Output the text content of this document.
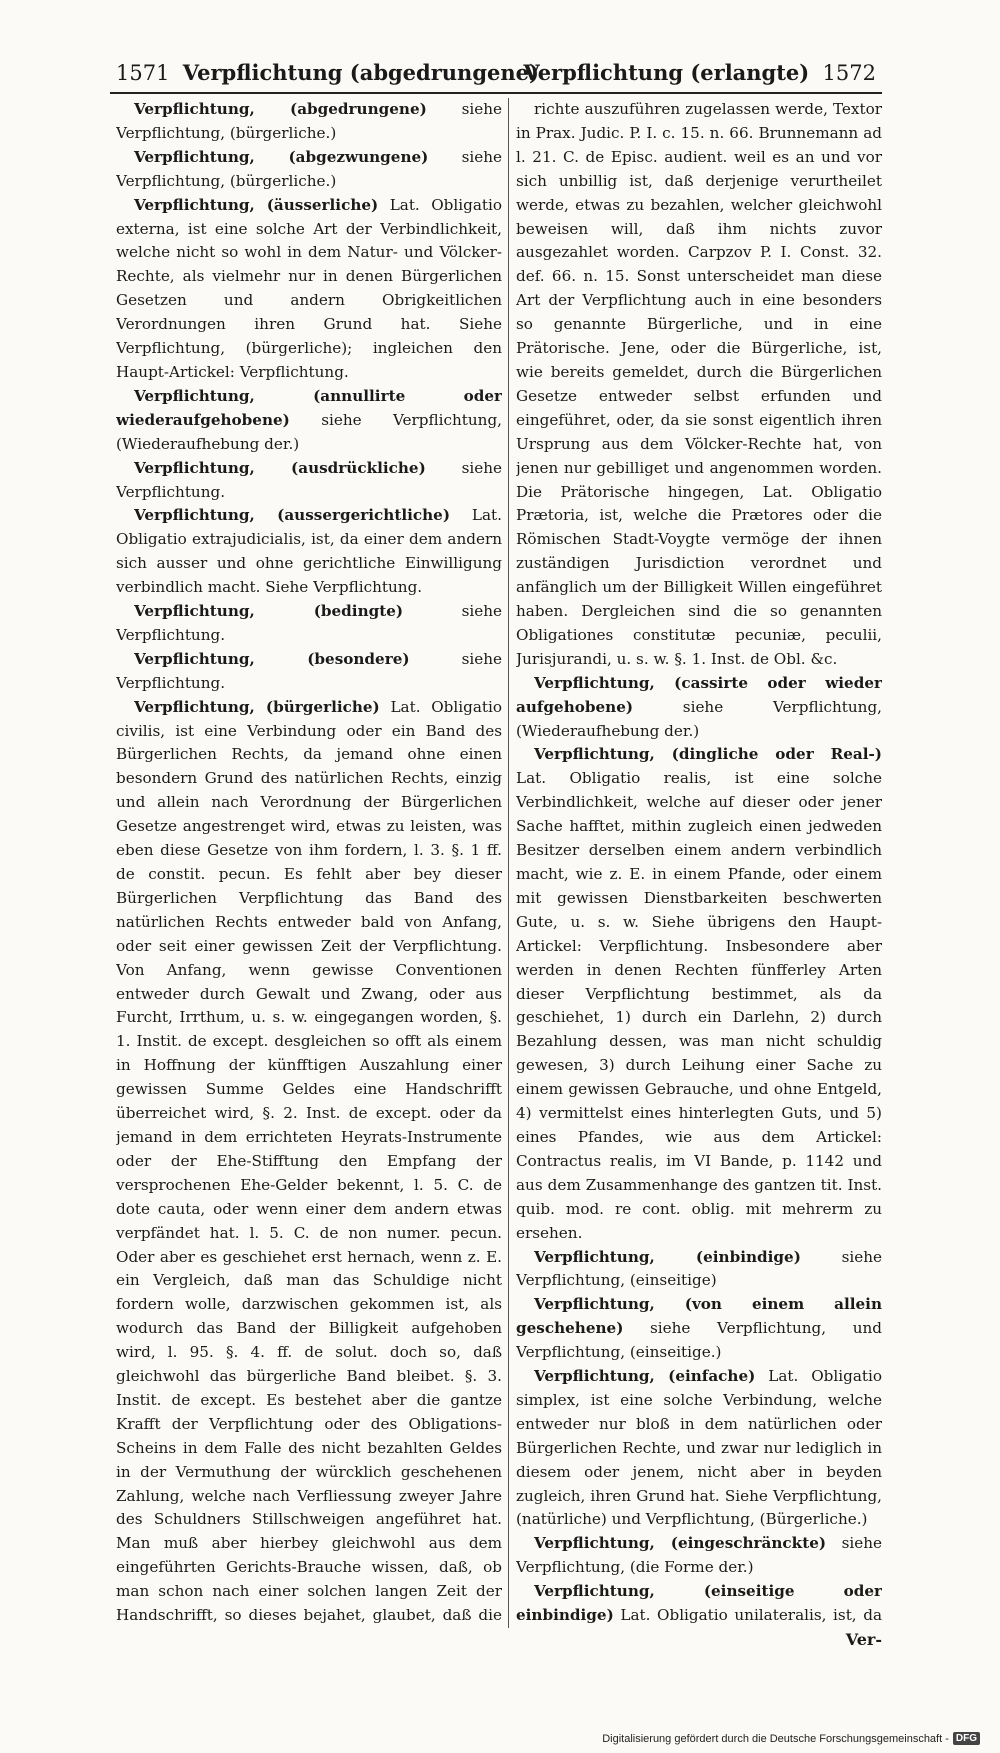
1571 Verpflichtung (abgedrungene)
Verpflichtung (erlangte) 1572

Verpflichtung, (abgedrungene) siehe Verpflichtung, (bürgerliche.)

Verpflichtung, (abgezwungene) siehe Verpflichtung, (bürgerliche.)

Verpflichtung, (äusserliche) Lat. Obligatio externa, ist eine solche Art der Verbindlichkeit, welche nicht so wohl in dem Natur- und Völcker-Rechte, als vielmehr nur in denen Bürgerlichen Gesetzen und andern Obrigkeitlichen Verordnungen ihren Grund hat. Siehe Verpflichtung, (bürgerliche); ingleichen den Haupt-Artickel: Verpflichtung.

Verpflichtung, (annullirte oder wiederaufgehobene) siehe Verpflichtung, (Wiederaufhebung der.)

Verpflichtung, (ausdrückliche) siehe Verpflichtung.

Verpflichtung, (aussergerichtliche) Lat. Obligatio extrajudicialis, ist, da einer dem andern sich ausser und ohne gerichtliche Einwilligung verbindlich macht. Siehe Verpflichtung.

Verpflichtung, (bedingte)	siehe Verpflichtung.

Verpflichtung, (besondere)	siehe Verpflichtung.

Verpflichtung, (bürgerliche) Lat. Obligatio civilis, ist eine Verbindung oder ein Band des Bürgerlichen Rechts, da jemand ohne einen besondern Grund des natürlichen Rechts, einzig und allein nach Verordnung der Bürgerlichen Gesetze angestrenget wird, etwas zu leisten, was eben diese Gesetze von ihm fordern, l. 3. §. 1 ff. de constit. pecun. Es fehlt aber bey dieser Bürgerlichen Verpflichtung das Band des natürlichen Rechts entweder bald von Anfang, oder seit einer gewissen Zeit der Verpflichtung. Von Anfang, wenn gewisse Conventionen entweder durch Gewalt und Zwang, oder aus Furcht, Irrthum, u. s. w. eingegangen worden, §. 1. Instit. de except. desgleichen so offt als einem in Hoffnung der künfftigen Auszahlung einer gewissen Summe Geldes eine Handschrifft überreichet wird, §. 2. Inst. de except. oder da jemand in dem errichteten Heyrats-Instrumente oder der Ehe-Stifftung den Empfang der versprochenen Ehe-Gelder bekennt, l. 5. C. de dote cauta, oder wenn einer dem andern etwas verpfändet hat. l. 5. C. de non numer. pecun. Oder aber es geschiehet erst hernach, wenn z. E. ein Vergleich, daß man das Schuldige nicht fordern wolle, darzwischen gekommen ist, als wodurch das Band der Billigkeit aufgehoben wird, l. 95. §. 4. ff. de solut. doch so, daß gleichwohl das bürgerliche Band bleibet. §. 3. Instit. de except. Es bestehet aber die gantze Krafft der Verpflichtung oder des Obligations-Scheins in dem Falle des nicht bezahlten Geldes in der Vermuthung der würcklich geschehenen Zahlung, welche nach Verfliessung zweyer Jahre des Schuldners Stillschweigen angeführet hat. Man muß aber hierbey gleichwohl aus dem eingeführten Gerichts-Brauche wissen, daß, ob man schon nach einer solchen langen Zeit der Handschrifft, so dieses bejahet, glaubet, daß die

richte auszuführen zugelassen werde, Textor in Prax. Judic. P. I. c. 15. n. 66. Brunnemann ad l. 21. C. de Episc. audient. weil es an und vor sich unbillig ist, daß derjenige verurtheilet werde, etwas zu bezahlen, welcher gleichwohl beweisen will, daß ihm nichts zuvor ausgezahlet worden. Carpzov P. I. Const. 32. def. 66. n. 15. Sonst unterscheidet man diese Art der Verpflichtung auch in eine besonders so genannte Bürgerliche, und in eine Prätorische. Jene, oder die Bürgerliche, ist, wie bereits gemeldet, durch die Bürgerlichen Gesetze entweder selbst erfunden und eingeführet, oder, da sie sonst eigentlich ihren Ursprung aus dem Völcker-Rechte hat, von jenen nur gebilliget und angenommen worden. Die Prätorische hingegen, Lat. Obligatio Prætoria, ist, welche die Prætores oder die Römischen Stadt-Voygte vermöge der ihnen zuständigen Jurisdiction verordnet und anfänglich um der Billigkeit Willen eingeführet haben. Dergleichen sind die so genannten Obligationes constitutæ pecuniæ, peculii, Jurisjurandi, u. s. w. §. 1. Inst. de Obl. &c.

Verpflichtung, (cassirte oder wieder aufgehobene)	siehe Verpflichtung, (Wiederaufhebung der.)

Verpflichtung, (dingliche oder Real-) Lat. Obligatio realis, ist eine solche Verbindlichkeit, welche auf dieser oder jener Sache hafftet, mithin zugleich einen jedweden Besitzer derselben einem andern verbindlich macht, wie z. E. in einem Pfande, oder einem mit gewissen Dienstbarkeiten beschwerten Gute, u. s. w. Siehe übrigens den Haupt-Artickel: Verpflichtung. Insbesondere aber werden in denen Rechten fünfferley Arten dieser Verpflichtung bestimmet, als da geschiehet, 1) durch ein Darlehn, 2) durch Bezahlung dessen, was man nicht schuldig gewesen, 3) durch Leihung einer Sache zu einem gewissen Gebrauche, und ohne Entgeld, 4) vermittelst eines hinterlegten Guts, und 5) eines Pfandes, wie aus dem Artickel: Contractus realis, im VI Bande, p. 1142 und aus dem Zusammenhange des gantzen tit. Inst. quib. mod. re cont. oblig. mit mehrerm zu ersehen.

Verpflichtung, (einbindige)	siehe Verpflichtung, (einseitige)

Verpflichtung, (von einem allein geschehene) siehe Verpflichtung, und Verpflichtung, (einseitige.)

Verpflichtung, (einfache) Lat. Obligatio simplex, ist eine solche Verbindung, welche entweder nur bloß in dem natürlichen oder Bürgerlichen Rechte, und zwar nur lediglich in diesem oder jenem, nicht aber in beyden zugleich, ihren Grund hat. Siehe Verpflichtung, (natürliche) und Verpflichtung, (Bürgerliche.)

Verpflichtung, (eingeschränckte) siehe Verpflichtung, (die Forme der.)

Verpflichtung, (einseitige oder einbindige) Lat. Obligatio unilateralis, ist, da

Ver-
Digitalisierung gefördert durch die Deutsche Forschungsgemeinschaft - DFG
